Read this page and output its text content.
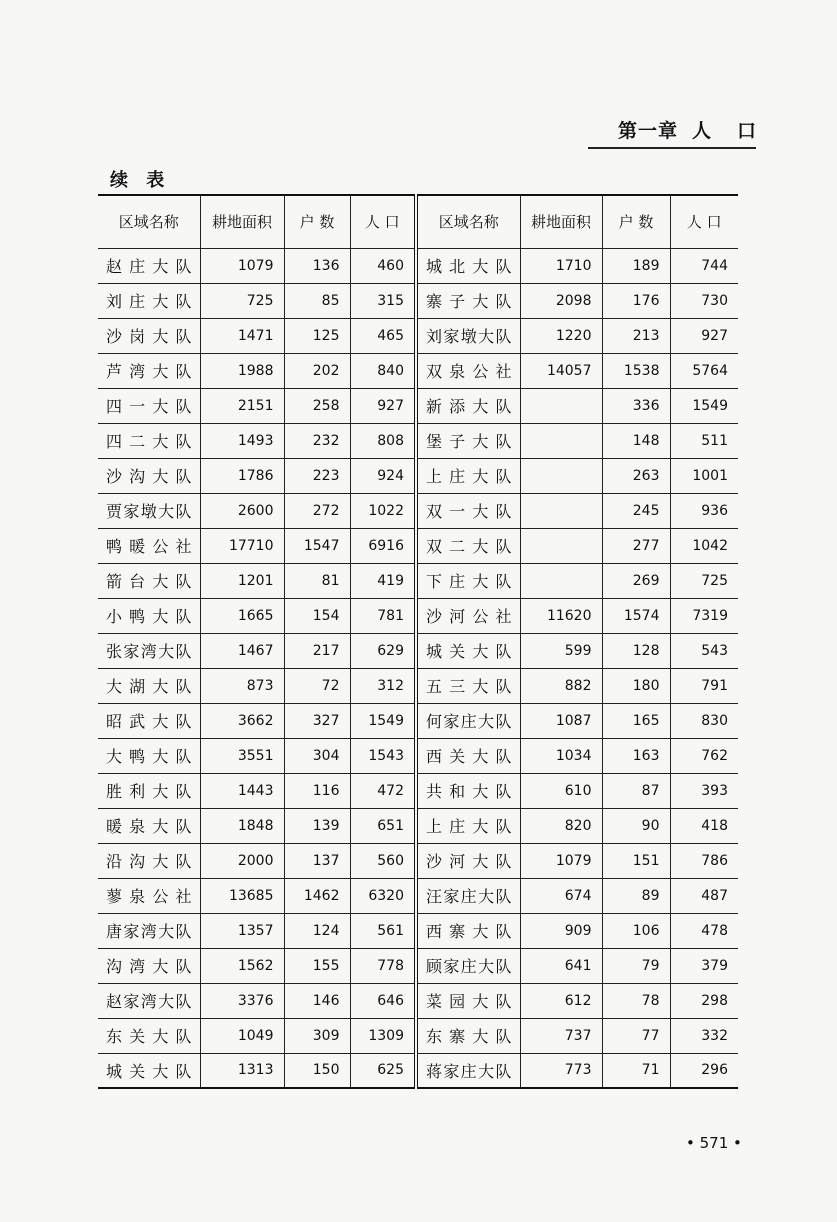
第一章 人口
续 表
区域名称	耕地面积	户 数	人 口	区域名称	耕地面积	户 数	人 口
赵庄大队	1079	136	460	城北大队	1710	189	744
刘庄大队	725	85	315	寨子大队	2098	176	730
沙岗大队	1471	125	465	刘家墩大队	1220	213	927
芦湾大队	1988	202	840	双泉公社	14057	1538	5764
四一大队	2151	258	927	新添大队		336	1549
四二大队	1493	232	808	堡子大队		148	511
沙沟大队	1786	223	924	上庄大队		263	1001
贾家墩大队	2600	272	1022	双一大队		245	936
鸭暖公社	17710	1547	6916	双二大队		277	1042
箭台大队	1201	81	419	下庄大队		269	725
小鸭大队	1665	154	781	沙河公社	11620	1574	7319
张家湾大队	1467	217	629	城关大队	599	128	543
大湖大队	873	72	312	五三大队	882	180	791
昭武大队	3662	327	1549	何家庄大队	1087	165	830
大鸭大队	3551	304	1543	西关大队	1034	163	762
胜利大队	1443	116	472	共和大队	610	87	393
暖泉大队	1848	139	651	上庄大队	820	90	418
沿沟大队	2000	137	560	沙河大队	1079	151	786
蓼泉公社	13685	1462	6320	汪家庄大队	674	89	487
唐家湾大队	1357	124	561	西寨大队	909	106	478
沟湾大队	1562	155	778	顾家庄大队	641	79	379
赵家湾大队	3376	146	646	菜园大队	612	78	298
东关大队	1049	309	1309	东寨大队	737	77	332
城关大队	1313	150	625	蒋家庄大队	773	71	296
• 571 •
